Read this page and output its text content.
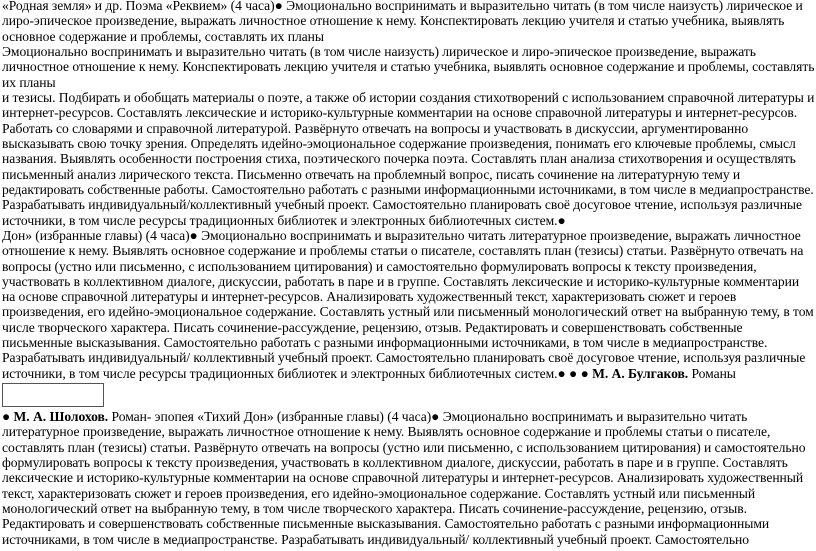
«Родная земля» и др. Поэма «Реквием» (4 часа)● Эмоционально воспринимать и выразительно читать (в том числе наизусть) лирическое и
лиро-эпическое произведение, выражать личностное отношение к нему. Конспектировать лекцию учителя и статью учебника, выявлять
основное содержание и проблемы, составлять их планы
Эмоционально воспринимать и выразительно читать (в том числе наизусть) лирическое и лиро-эпическое произведение, выражать
личностное отношение к нему. Конспектировать лекцию учителя и статью учебника, выявлять основное содержание и проблемы, составлять
их планы
и тезисы. Подбирать и обобщать материалы о поэте, а также об истории создания стихотворений с использованием справочной литературы и
интернет-ресурсов. Составлять лексические и историко-культурные комментарии на основе справочной литературы и интернет-ресурсов.
Работать со словарями и справочной литературой. Развёрнуто отвечать на вопросы и участвовать в дискуссии, аргументированно
высказывать свою точку зрения. Определять идейно-эмоциональное содержание произведения, понимать его ключевые проблемы, смысл
названия. Выявлять особенности построения стиха, поэтического почерка поэта. Составлять план анализа стихотворения и осуществлять
письменный анализ лирического текста. Письменно отвечать на проблемный вопрос, писать сочинение на литературную тему и
редактировать собственные работы. Самостоятельно работать с разными информационными источниками, в том числе в медиапространстве.
Разрабатывать индивидуальный/коллективный учебный проект. Самостоятельно планировать своё досуговое чтение, используя различные
источники, в том числе ресурсы традиционных библиотек и электронных библиотечных систем.●
Дон» (избранные главы) (4 часа)● Эмоционально воспринимать и выразительно читать литературное произведение, выражать личностное
отношение к нему. Выявлять основное содержание и проблемы статьи о писателе, составлять план (тезисы) статьи. Развёрнуто отвечать на
вопросы (устно или письменно, с использованием цитирования) и самостоятельно формулировать вопросы к тексту произведения,
участвовать в коллективном диалоге, дискуссии, работать в паре и в группе. Составлять лексические и историко-культурные комментарии
на основе справочной литературы и интернет-ресурсов. Анализировать художественный текст, характеризовать сюжет и героев
произведения, его идейно-эмоциональное содержание. Составлять устный или письменный монологический ответ на выбранную тему, в том
числе творческого характера. Писать сочинение-рассуждение, рецензию, отзыв. Редактировать и совершенствовать собственные
письменные высказывания. Самостоятельно работать с разными информационными источниками, в том числе в медиапространстве.
Разрабатывать индивидуальный/ коллективный учебный проект. Самостоятельно планировать своё досуговое чтение, используя различные
источники, в том числе ресурсы традиционных библиотек и электронных библиотечных систем.● ● ● М. А. Булгаков. Романы
● М. А. Шолохов. Роман- эпопея «Тихий Дон» (избранные главы) (4 часа)● Эмоционально воспринимать и выразительно читать
литературное произведение, выражать личностное отношение к нему. Выявлять основное содержание и проблемы статьи о писателе,
составлять план (тезисы) статьи. Развёрнуто отвечать на вопросы (устно или письменно, с использованием цитирования) и самостоятельно
формулировать вопросы к тексту произведения, участвовать в коллективном диалоге, дискуссии, работать в паре и в группе. Составлять
лексические и историко-культурные комментарии на основе справочной литературы и интернет-ресурсов. Анализировать художественный
текст, характеризовать сюжет и героев произведения, его идейно-эмоциональное содержание. Составлять устный или письменный
монологический ответ на выбранную тему, в том числе творческого характера. Писать сочинение-рассуждение, рецензию, отзыв.
Редактировать и совершенствовать собственные письменные высказывания. Самостоятельно работать с разными информационными
источниками, в том числе в медиапространстве. Разрабатывать индивидуальный/ коллективный учебный проект. Самостоятельно
